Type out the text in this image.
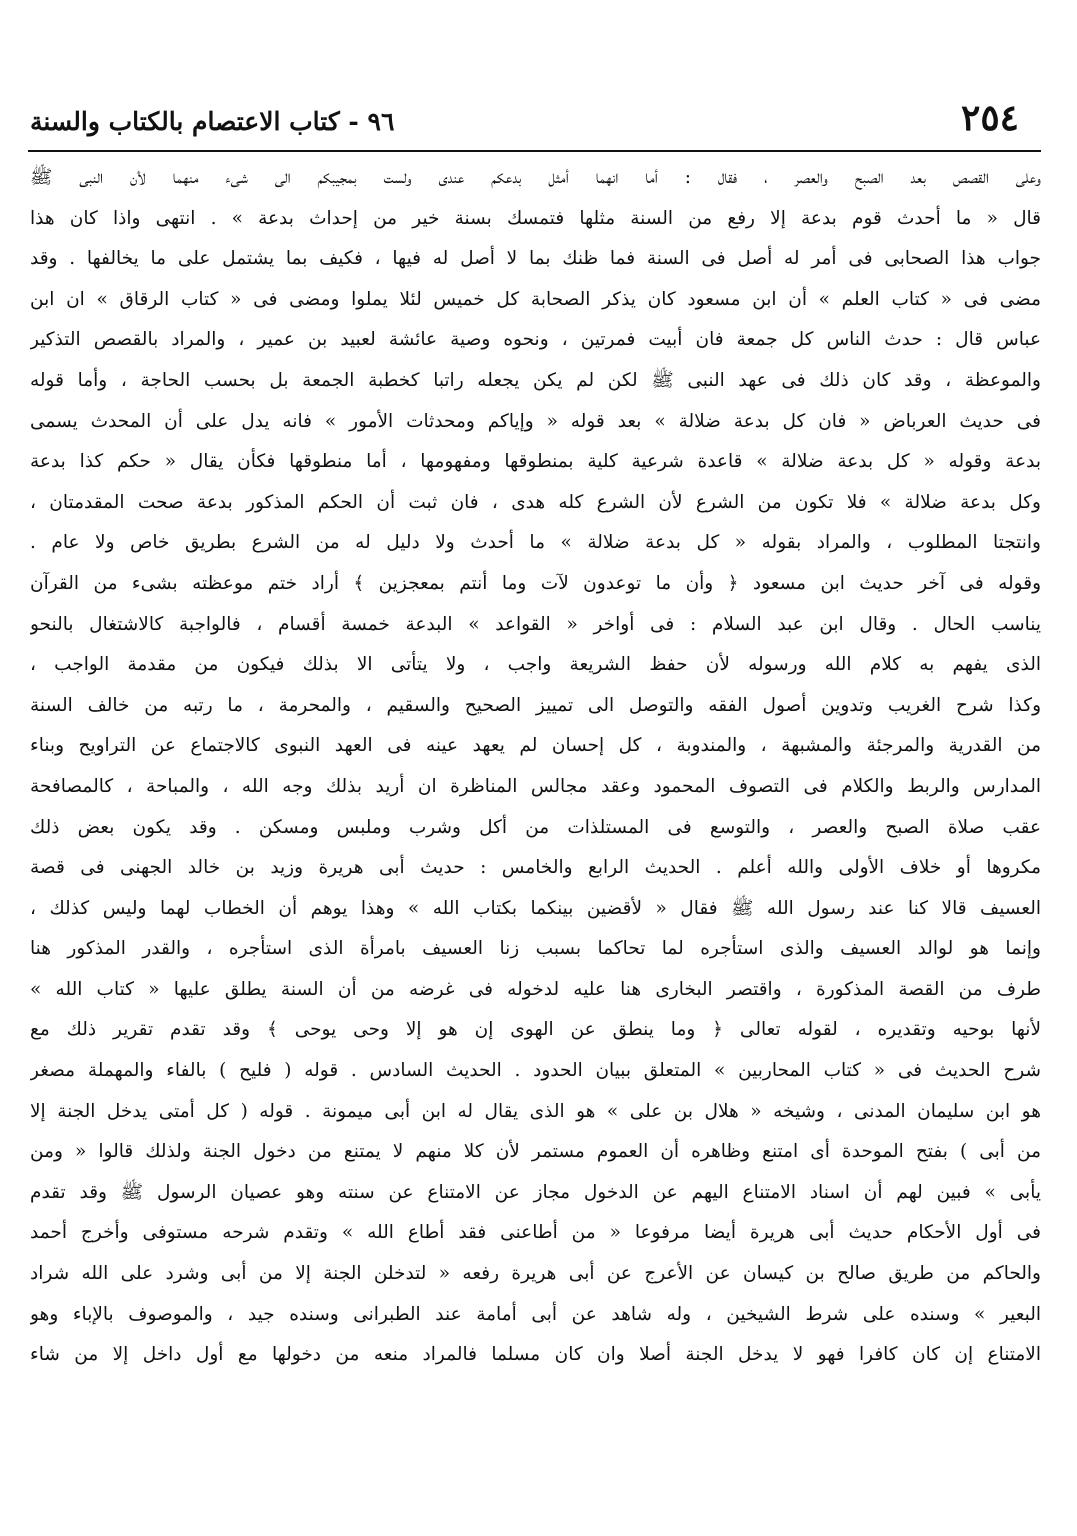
٢٥٤
٩٦ - كتاب الاعتصام بالكتاب والسنة
وعلى القصص بعد الصبح والعصر ، فقال : أما انهما أمثل بدعكم عندى ولست بمجيبكم الى شىء منهما لأن النبى ﷺ
قال « ما أحدث قوم بدعة إلا رفع من السنة مثلها فتمسك بسنة خير من إحداث بدعة » . انتهى واذا كان هذا
جواب هذا الصحابى فى أمر له أصل فى السنة فما ظنك بما لا أصل له فيها ، فكيف بما يشتمل على ما يخالفها . وقد
مضى فى « كتاب العلم » أن ابن مسعود كان يذكر الصحابة كل خميس لئلا يملوا ومضى فى « كتاب الرقاق » ان ابن
عباس قال : حدث الناس كل جمعة فان أبيت فمرتين ، ونحوه وصية عائشة لعبيد بن عمير ، والمراد بالقصص التذكير
والموعظة ، وقد كان ذلك فى عهد النبى ﷺ لكن لم يكن يجعله راتبا كخطبة الجمعة بل بحسب الحاجة ، وأما قوله
فى حديث العرباض « فان كل بدعة ضلالة » بعد قوله « وإياكم ومحدثات الأمور » فانه يدل على أن المحدث يسمى
بدعة وقوله « كل بدعة ضلالة » قاعدة شرعية كلية بمنطوقها ومفهومها ، أما منطوقها فكأن يقال « حكم كذا بدعة
وكل بدعة ضلالة » فلا تكون من الشرع لأن الشرع كله هدى ، فان ثبت أن الحكم المذكور بدعة صحت المقدمتان ،
وانتجتا المطلوب ، والمراد بقوله « كل بدعة ضلالة » ما أحدث ولا دليل له من الشرع بطريق خاص ولا عام .
وقوله فى آخر حديث ابن مسعود ﴿ وأن ما توعدون لآت وما أنتم بمعجزين ﴾ أراد ختم موعظته بشىء من القرآن
يناسب الحال . وقال ابن عبد السلام : فى أواخر « القواعد » البدعة خمسة أقسام ، فالواجبة كالاشتغال بالنحو
الذى يفهم به كلام الله ورسوله لأن حفظ الشريعة واجب ، ولا يتأتى الا بذلك فيكون من مقدمة الواجب ،
وكذا شرح الغريب وتدوين أصول الفقه والتوصل الى تمييز الصحيح والسقيم ، والمحرمة ، ما رتبه من خالف السنة
من القدرية والمرجئة والمشبهة ، والمندوبة ، كل إحسان لم يعهد عينه فى العهد النبوى كالاجتماع عن التراويح وبناء
المدارس والربط والكلام فى التصوف المحمود وعقد مجالس المناظرة ان أريد بذلك وجه الله ، والمباحة ، كالمصافحة
عقب صلاة الصبح والعصر ، والتوسع فى المستلذات من أكل وشرب وملبس ومسكن . وقد يكون بعض ذلك
مكروها أو خلاف الأولى والله أعلم . الحديث الرابع والخامس : حديث أبى هريرة وزيد بن خالد الجهنى فى قصة
العسيف قالا كنا عند رسول الله ﷺ فقال « لأقضين بينكما بكتاب الله » وهذا يوهم أن الخطاب لهما وليس كذلك ،
وإنما هو لوالد العسيف والذى استأجره لما تحاكما بسبب زنا العسيف بامرأة الذى استأجره ، والقدر المذكور هنا
طرف من القصة المذكورة ، واقتصر البخارى هنا عليه لدخوله فى غرضه من أن السنة يطلق عليها « كتاب الله »
لأنها بوحيه وتقديره ، لقوله تعالى ﴿ وما ينطق عن الهوى إن هو إلا وحى يوحى ﴾ وقد تقدم تقرير ذلك مع
شرح الحديث فى « كتاب المحاربين » المتعلق ببيان الحدود . الحديث السادس . قوله ( فليح ) بالفاء والمهملة مصغر
هو ابن سليمان المدنى ، وشيخه « هلال بن على » هو الذى يقال له ابن أبى ميمونة . قوله ( كل أمتى يدخل الجنة إلا
من أبى ) بفتح الموحدة أى امتنع وظاهره أن العموم مستمر لأن كلا منهم لا يمتنع من دخول الجنة ولذلك قالوا « ومن
يأبى » فبين لهم أن اسناد الامتناع اليهم عن الدخول مجاز عن الامتناع عن سنته وهو عصيان الرسول ﷺ وقد تقدم
فى أول الأحكام حديث أبى هريرة أيضا مرفوعا « من أطاعنى فقد أطاع الله » وتقدم شرحه مستوفى وأخرج أحمد
والحاكم من طريق صالح بن كيسان عن الأعرج عن أبى هريرة رفعه « لتدخلن الجنة إلا من أبى وشرد على الله شراد
البعير » وسنده على شرط الشيخين ، وله شاهد عن أبى أمامة عند الطبرانى وسنده جيد ، والموصوف بالإباء وهو
الامتناع إن كان كافرا فهو لا يدخل الجنة أصلا وان كان مسلما فالمراد منعه من دخولها مع أول داخل إلا من شاء
